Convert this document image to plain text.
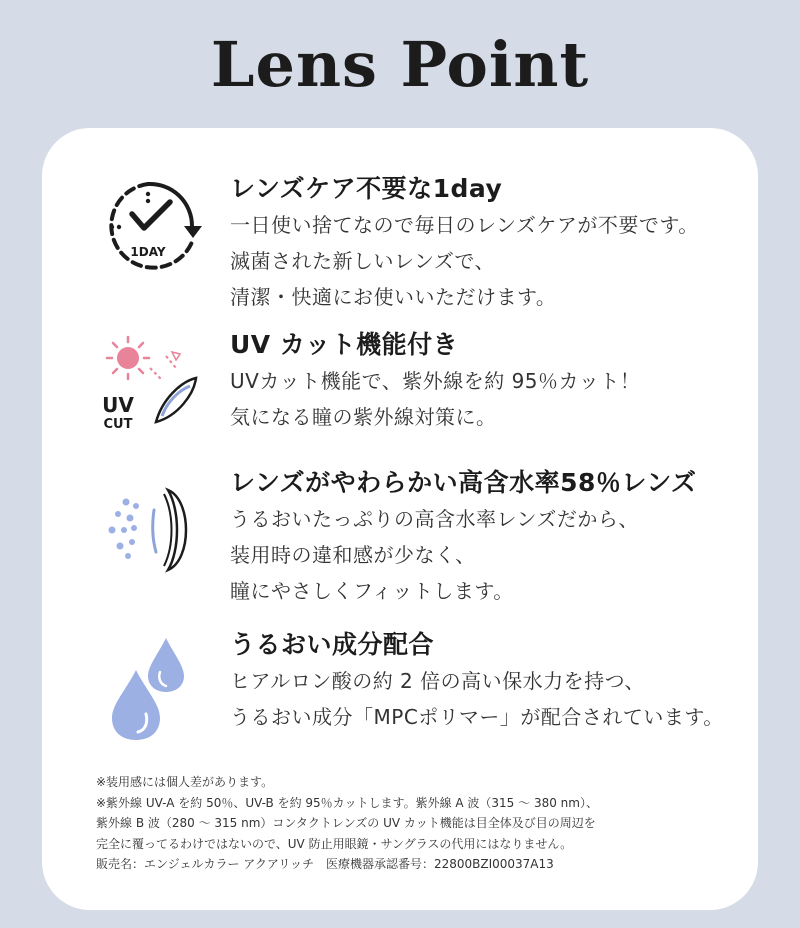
Lens Point
1DAY
レンズケア不要な1day

一日使い捨てなので毎日のレンズケアが不要です。

滅菌された新しいレンズで、

清潔・快適にお使いいただけます。

UV
CUT
UV カット機能付き

UVカット機能で、紫外線を約 95％カット！

気になる瞳の紫外線対策に。

レンズがやわらかい高含水率58％レンズ

うるおいたっぷりの高含水率レンズだから、

装用時の違和感が少なく、

瞳にやさしくフィットします。

うるおい成分配合

ヒアルロン酸の約 2 倍の高い保水力を持つ、

うるおい成分「MPCポリマー」が配合されています。

※装用感には個人差があります。
※紫外線 UV-A を約 50％、UV-B を約 95％カットします。紫外線 A 波（315 〜 380 nm）、
紫外線 B 波（280 〜 315 nm）コンタクトレンズの UV カット機能は目全体及び目の周辺を
完全に覆ってるわけではないので、UV 防止用眼鏡・サングラスの代用にはなりません。
販売名：エンジェルカラー アクアリッチ　医療機器承認番号：22800BZI00037A13
